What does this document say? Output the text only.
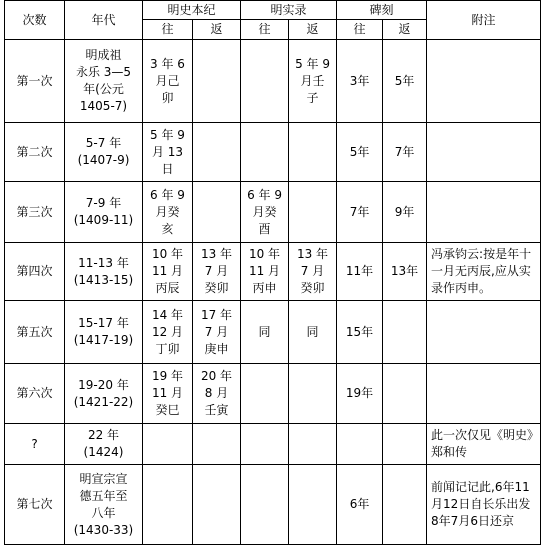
次数	年代	明史本纪		明实录		碑刻		附注
		往	返	往	返	往	返	
第一次	明成祖
永乐 3—5
年(公元
1405-7)	3 年 6
月己
卯			5 年 9
月壬
子	3年	5年	
第二次	5-7 年
(1407-9)	5 年 9
月 13
日				5年	7年	
第三次	7-9 年
(1409-11)	6 年 9
月癸
亥		6 年 9
月癸
酉		7年	9年	
第四次	11-13 年
(1413-15)	10 年
11 月
丙辰	13 年
7 月
癸卯	10 年
11 月
丙申	13 年
7 月
癸卯	11年	13年	冯承钧云:按是年十一月无丙辰,应从实录作丙申。
第五次	15-17 年
(1417-19)	14 年
12 月
丁卯	17 年
7 月
庚申	同	同	15年		
第六次	19-20 年
(1421-22)	19 年
11 月
癸巳	20 年
8 月
壬寅			19年		
?	22 年
(1424)							此一次仅见《明史》郑和传
第七次	明宣宗宣
德五年至
八年
(1430-33)					6年		前闻记记此,6年11月12日自长乐出发8年7月6日还京
